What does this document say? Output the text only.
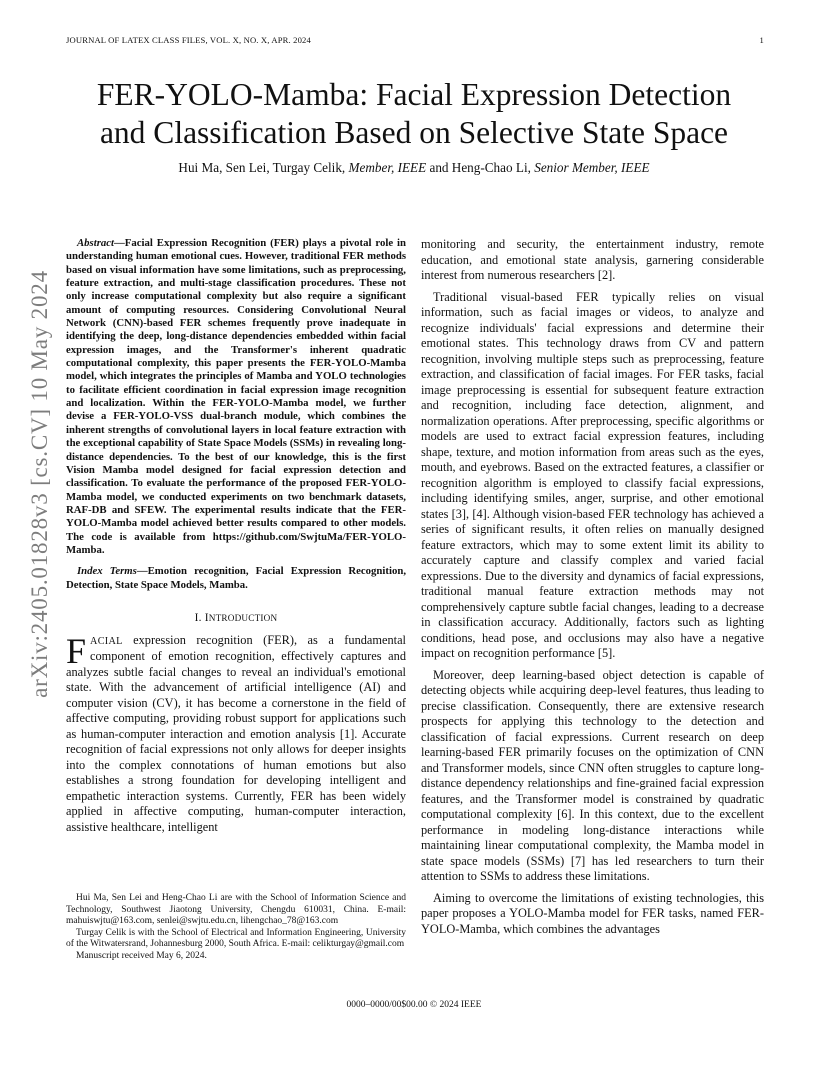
JOURNAL OF LATEX CLASS FILES, VOL. X, NO. X, APR. 2024	1
FER-YOLO-Mamba: Facial Expression Detection
and Classification Based on Selective State Space
Hui Ma, Sen Lei, Turgay Celik, Member, IEEE and Heng-Chao Li, Senior Member, IEEE
arXiv:2405.01828v3 [cs.CV] 10 May 2024

Abstract—Facial Expression Recognition (FER) plays a pivotal role in understanding human emotional cues. However, traditional FER methods based on visual information have some limitations, such as preprocessing, feature extraction, and multi-stage classification procedures. These not only increase computational complexity but also require a significant amount of computing resources. Considering Convolutional Neural Network (CNN)-based FER schemes frequently prove inadequate in identifying the deep, long-distance dependencies embedded within facial expression images, and the Transformer's inherent quadratic computational complexity, this paper presents the FER-YOLO-Mamba model, which integrates the principles of Mamba and YOLO technologies to facilitate efficient coordination in facial expression image recognition and localization. Within the FER-YOLO-Mamba model, we further devise a FER-YOLO-VSS dual-branch module, which combines the inherent strengths of convolutional layers in local feature extraction with the exceptional capability of State Space Models (SSMs) in revealing long-distance dependencies. To the best of our knowledge, this is the first Vision Mamba model designed for facial expression detection and classification. To evaluate the performance of the proposed FER-YOLO-Mamba model, we conducted experiments on two benchmark datasets, RAF-DB and SFEW. The experimental results indicate that the FER-YOLO-Mamba model achieved better results compared to other models. The code is available from https://github.com/SwjtuMa/FER-YOLO-Mamba.

Index Terms—Emotion recognition, Facial Expression Recognition, Detection, State Space Models, Mamba.

I. INTRODUCTION

FACIAL expression recognition (FER), as a fundamental component of emotion recognition, effectively captures and analyzes subtle facial changes to reveal an individual's emotional state. With the advancement of artificial intelligence (AI) and computer vision (CV), it has become a cornerstone in the field of affective computing, providing robust support for applications such as human-computer interaction and emotion analysis [1]. Accurate recognition of facial expressions not only allows for deeper insights into the complex connotations of human emotions but also establishes a strong foundation for developing intelligent and empathetic interaction systems. Currently, FER has been widely applied in affective computing, human-computer interaction, assistive healthcare, intelligent

Hui Ma, Sen Lei and Heng-Chao Li are with the School of Information Science and Technology, Southwest Jiaotong University, Chengdu 610031, China. E-mail: mahuiswjtu@163.com, senlei@swjtu.edu.cn, lihengchao_78@163.com

Turgay Celik is with the School of Electrical and Information Engineering, University of the Witwatersrand, Johannesburg 2000, South Africa. E-mail: celikturgay@gmail.com

Manuscript received May 6, 2024.

monitoring and security, the entertainment industry, remote education, and emotional state analysis, garnering considerable interest from numerous researchers [2].

Traditional visual-based FER typically relies on visual information, such as facial images or videos, to analyze and recognize individuals' facial expressions and determine their emotional states. This technology draws from CV and pattern recognition, involving multiple steps such as preprocessing, feature extraction, and classification of facial images. For FER tasks, facial image preprocessing is essential for subsequent feature extraction and recognition, including face detection, alignment, and normalization operations. After preprocessing, specific algorithms or models are used to extract facial expression features, including shape, texture, and motion information from areas such as the eyes, mouth, and eyebrows. Based on the extracted features, a classifier or recognition algorithm is employed to classify facial expressions, including identifying smiles, anger, surprise, and other emotional states [3], [4]. Although vision-based FER technology has achieved a series of significant results, it often relies on manually designed feature extractors, which may to some extent limit its ability to accurately capture and classify complex and varied facial expressions. Due to the diversity and dynamics of facial expressions, traditional manual feature extraction methods may not comprehensively capture subtle facial changes, leading to a decrease in classification accuracy. Additionally, factors such as lighting conditions, head pose, and occlusions may also have a negative impact on recognition performance [5].

Moreover, deep learning-based object detection is capable of detecting objects while acquiring deep-level features, thus leading to precise classification. Consequently, there are extensive research prospects for applying this technology to the detection and classification of facial expressions. Current research on deep learning-based FER primarily focuses on the optimization of CNN and Transformer models, since CNN often struggles to capture long-distance dependency relationships and fine-grained facial expression features, and the Transformer model is constrained by quadratic computational complexity [6]. In this context, due to the excellent performance in modeling long-distance interactions while maintaining linear computational complexity, the Mamba model in state space models (SSMs) [7] has led researchers to turn their attention to SSMs to address these limitations.

Aiming to overcome the limitations of existing technologies, this paper proposes a YOLO-Mamba model for FER tasks, named FER-YOLO-Mamba, which combines the advantages

0000–0000/00$00.00 © 2024 IEEE
